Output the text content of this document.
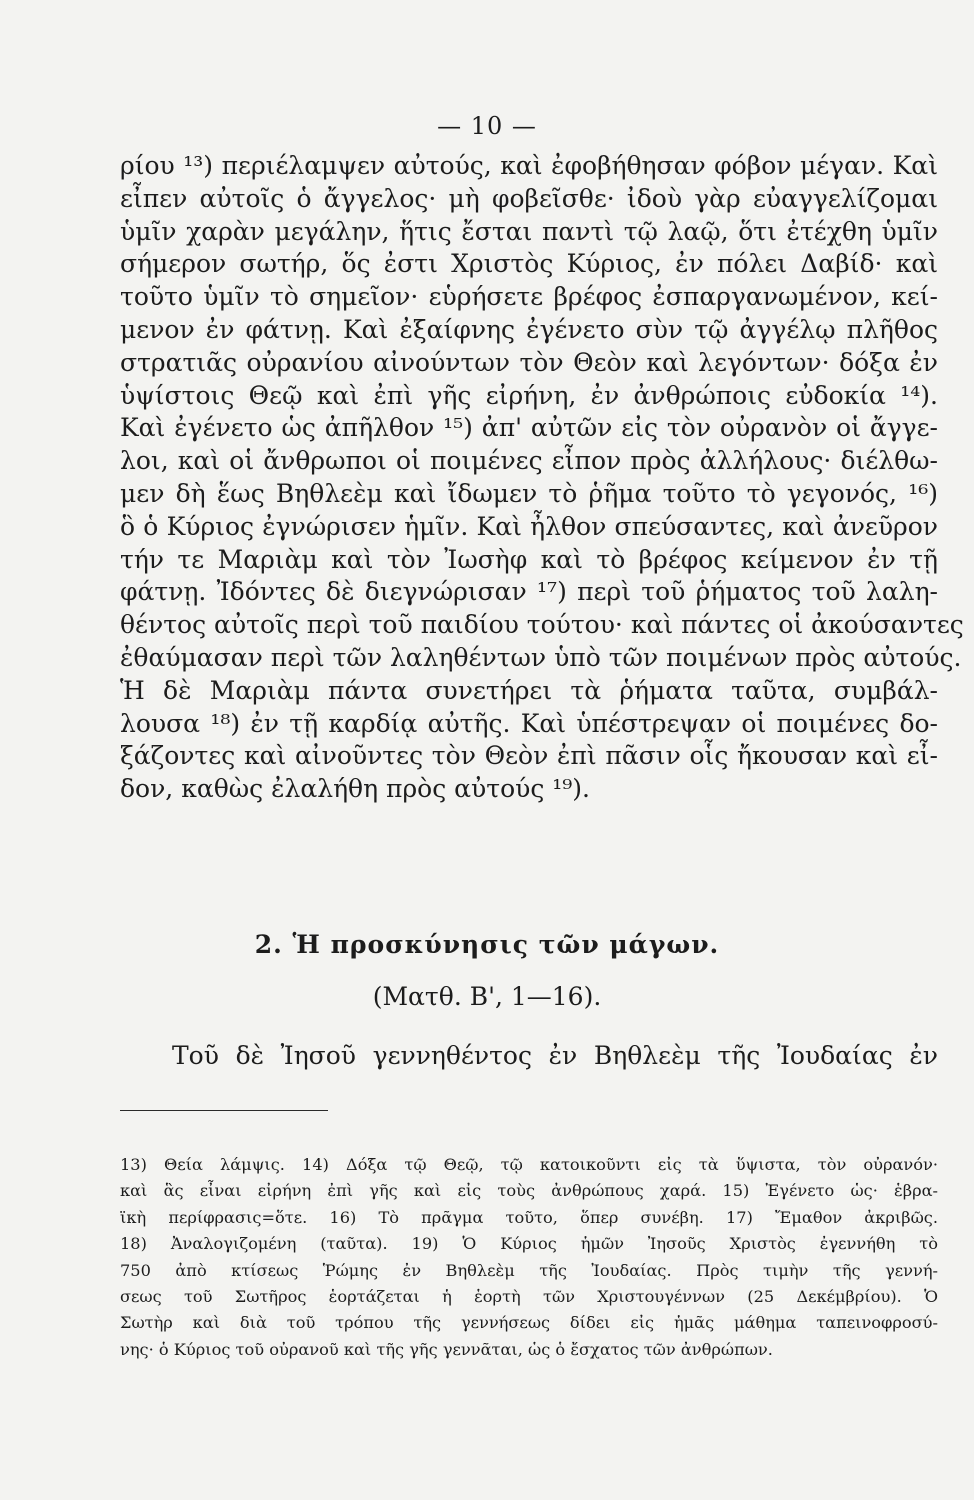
— 10 —
ρίου ¹³) περιέλαμψεν αὐτούς, καὶ ἐφοβήθησαν φόβον μέγαν. Καὶ
εἶπεν αὐτοῖς ὁ ἄγγελος· μὴ φοβεῖσθε· ἰδοὺ γὰρ εὐαγγελίζομαι
ὑμῖν χαρὰν μεγάλην, ἥτις ἔσται παντὶ τῷ λαῷ, ὅτι ἐτέχθη ὑμῖν
σήμερον σωτήρ, ὅς ἐστι Χριστὸς Κύριος, ἐν πόλει Δαβίδ· καὶ
τοῦτο ὑμῖν τὸ σημεῖον· εὑρήσετε βρέφος ἐσπαργανωμένον, κεί-
μενον ἐν φάτνῃ. Καὶ ἐξαίφνης ἐγένετο σὺν τῷ ἀγγέλῳ πλῆθος
στρατιᾶς οὐρανίου αἰνούντων τὸν Θεὸν καὶ λεγόντων· δόξα ἐν
ὑψίστοις Θεῷ καὶ ἐπὶ γῆς εἰρήνη, ἐν ἀνθρώποις εὐδοκία ¹⁴).
Καὶ ἐγένετο ὡς ἀπῆλθον ¹⁵) ἀπ' αὐτῶν εἰς τὸν οὐρανὸν οἱ ἄγγε-
λοι, καὶ οἱ ἄνθρωποι οἱ ποιμένες εἶπον πρὸς ἀλλήλους· διέλθω-
μεν δὴ ἕως Βηθλεὲμ καὶ ἴδωμεν τὸ ῥῆμα τοῦτο τὸ γεγονός, ¹⁶)
ὃ ὁ Κύριος ἐγνώρισεν ἡμῖν. Καὶ ἦλθον σπεύσαντες, καὶ ἀνεῦρον
τήν τε Μαριὰμ καὶ τὸν Ἰωσὴφ καὶ τὸ βρέφος κείμενον ἐν τῇ
φάτνῃ. Ἰδόντες δὲ διεγνώρισαν ¹⁷) περὶ τοῦ ῥήματος τοῦ λαλη-
θέντος αὐτοῖς περὶ τοῦ παιδίου τούτου· καὶ πάντες οἱ ἀκούσαντες
ἐθαύμασαν περὶ τῶν λαληθέντων ὑπὸ τῶν ποιμένων πρὸς αὐτούς.
Ἡ δὲ Μαριὰμ πάντα συνετήρει τὰ ῥήματα ταῦτα, συμβάλ-
λουσα ¹⁸) ἐν τῇ καρδίᾳ αὐτῆς. Καὶ ὑπέστρεψαν οἱ ποιμένες δο-
ξάζοντες καὶ αἰνοῦντες τὸν Θεὸν ἐπὶ πᾶσιν οἷς ἤκουσαν καὶ εἶ-
δον, καθὼς ἐλαλήθη πρὸς αὐτούς ¹⁹).
2. Ἡ προσκύνησις τῶν μάγων.
(Ματθ. Β', 1—16).
Τοῦ δὲ Ἰησοῦ γεννηθέντος ἐν Βηθλεὲμ τῆς Ἰουδαίας ἐν
13) Θεία λάμψις. 14) Δόξα τῷ Θεῷ, τῷ κατοικοῦντι εἰς τὰ ὕψιστα, τὸν οὐρανόν·
καὶ ἃς εἶναι εἰρήνη ἐπὶ γῆς καὶ εἰς τοὺς ἀνθρώπους χαρά. 15) Ἐγένετο ὡς· ἑβρα-
ϊκὴ περίφρασις=ὅτε. 16) Τὸ πρᾶγμα τοῦτο, ὅπερ συνέβη. 17) Ἔμαθον ἀκριβῶς.
18) Ἀναλογιζομένη (ταῦτα). 19) Ὁ Κύριος ἡμῶν Ἰησοῦς Χριστὸς ἐγεννήθη τὸ
750 ἀπὸ κτίσεως Ῥώμης ἐν Βηθλεὲμ τῆς Ἰουδαίας. Πρὸς τιμὴν τῆς γεννή-
σεως τοῦ Σωτῆρος ἑορτάζεται ἡ ἑορτὴ τῶν Χριστουγέννων (25 Δεκέμβρίου). Ὁ
Σωτὴρ καὶ διὰ τοῦ τρόπου τῆς γεννήσεως δίδει εἰς ἡμᾶς μάθημα ταπεινοφροσύ-
νης· ὁ Κύριος τοῦ οὐρανοῦ καὶ τῆς γῆς γεννᾶται, ὡς ὁ ἔσχατος τῶν ἀνθρώπων.
